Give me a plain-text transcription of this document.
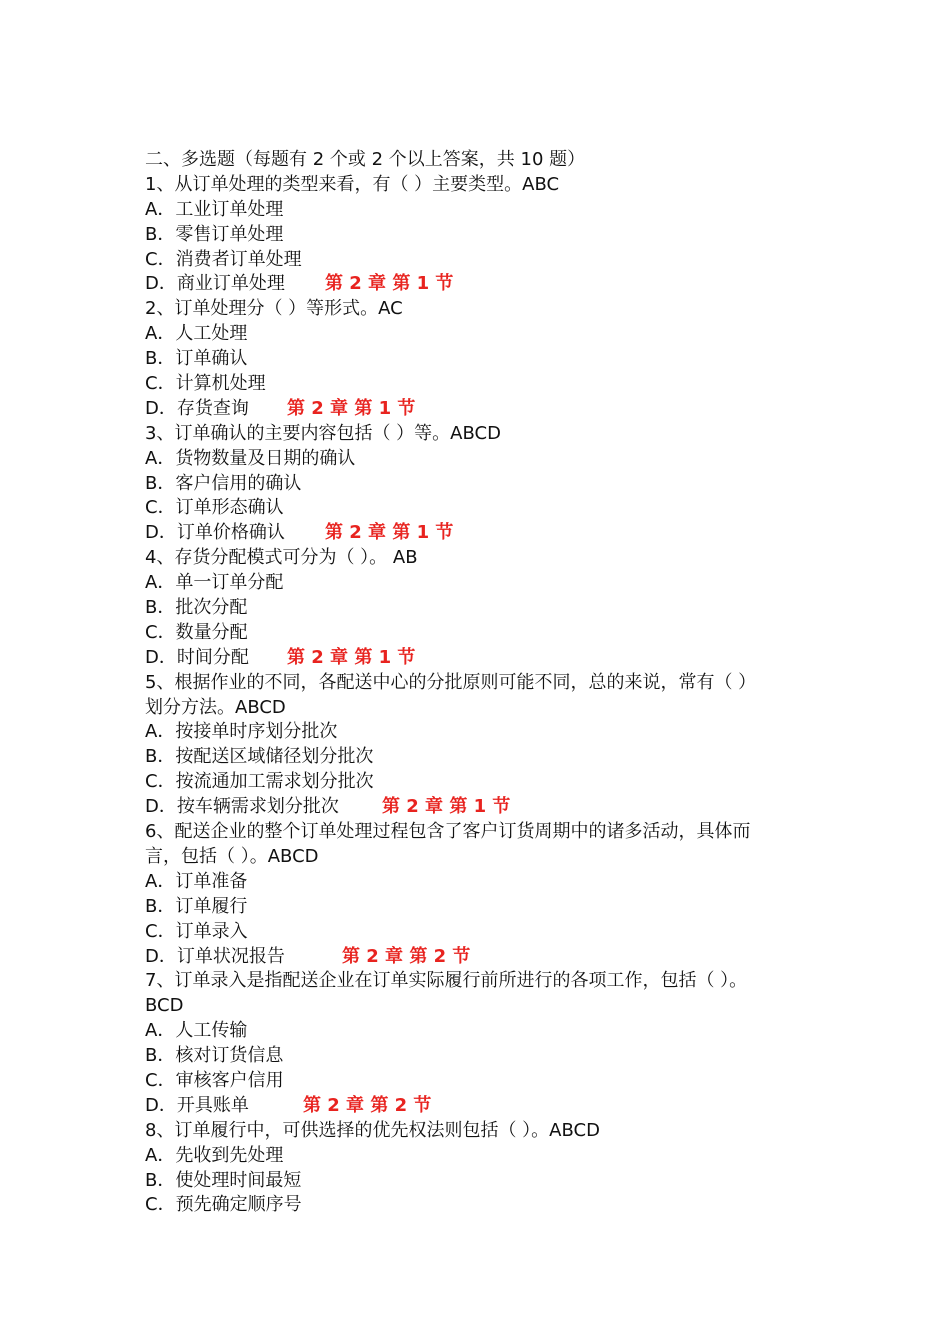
二、多选题（每题有 2 个或 2 个以上答案，共 10 题）
1、从订单处理的类型来看，有（ ）主要类型。ABC
A．工业订单处理
B．零售订单处理
C．消费者订单处理
D．商业订单处理 第 2 章 第 1 节
2、订单处理分（ ）等形式。AC
A．人工处理
B．订单确认
C．计算机处理
D．存货查询 第 2 章 第 1 节
3、订单确认的主要内容包括（ ）等。ABCD
A．货物数量及日期的确认
B．客户信用的确认
C．订单形态确认
D．订单价格确认 第 2 章 第 1 节
4、存货分配模式可分为（ ）。 AB
A．单一订单分配
B．批次分配
C．数量分配
D．时间分配 第 2 章 第 1 节
5、根据作业的不同，各配送中心的分批原则可能不同，总的来说，常有（ ）
划分方法。ABCD
A．按接单时序划分批次
B．按配送区域储径划分批次
C．按流通加工需求划分批次
D．按车辆需求划分批次 第 2 章 第 1 节
6、配送企业的整个订单处理过程包含了客户订货周期中的诸多活动，具体而
言，包括（ ）。ABCD
A．订单准备
B．订单履行
C．订单录入
D．订单状况报告	第 2 章 第 2 节
7、订单录入是指配送企业在订单实际履行前所进行的各项工作，包括（ ）。
BCD
A．人工传输
B．核对订货信息
C．审核客户信用
D．开具账单	第 2 章 第 2 节
8、订单履行中，可供选择的优先权法则包括（ ）。ABCD
A．先收到先处理
B．使处理时间最短
C．预先确定顺序号
